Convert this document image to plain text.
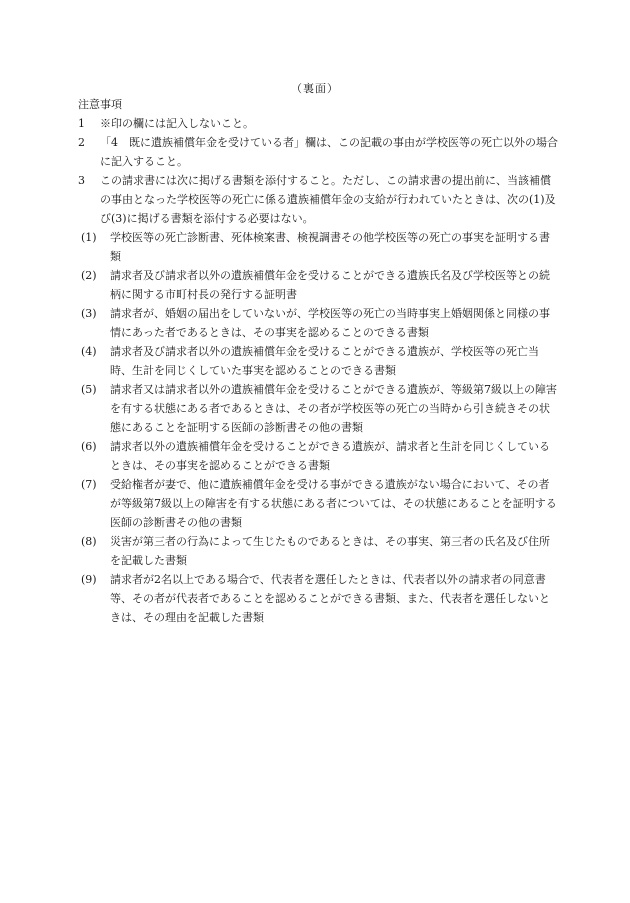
（裏面）

注意事項

1	※印の欄には記入しないこと。
2	「4　既に遺族補償年金を受けている者」欄は、この記載の事由が学校医等の死亡以外の場合に記入すること。
3	この請求書には次に掲げる書類を添付すること。ただし、この請求書の提出前に、当該補償の事由となった学校医等の死亡に係る遺族補償年金の支給が行われていたときは、次の(1)及び(3)に掲げる書類を添付する必要はない。
(1)	学校医等の死亡診断書、死体検案書、検視調書その他学校医等の死亡の事実を証明する書類
(2)	請求者及び請求者以外の遺族補償年金を受けることができる遺族氏名及び学校医等との続柄に関する市町村長の発行する証明書
(3)	請求者が、婚姻の届出をしていないが、学校医等の死亡の当時事実上婚姻関係と同様の事情にあった者であるときは、その事実を認めることのできる書類
(4)	請求者及び請求者以外の遺族補償年金を受けることができる遺族が、学校医等の死亡当時、生計を同じくしていた事実を認めることのできる書類
(5)	請求者又は請求者以外の遺族補償年金を受けることができる遺族が、等級第7級以上の障害を有する状態にある者であるときは、その者が学校医等の死亡の当時から引き続きその状態にあることを証明する医師の診断書その他の書類
(6)	請求者以外の遺族補償年金を受けることができる遺族が、請求者と生計を同じくしているときは、その事実を認めることができる書類
(7)	受給権者が妻で、他に遺族補償年金を受ける事ができる遺族がない場合において、その者が等級第7級以上の障害を有する状態にある者については、その状態にあることを証明する医師の診断書その他の書類
(8)	災害が第三者の行為によって生じたものであるときは、その事実、第三者の氏名及び住所を記載した書類
(9)	請求者が2名以上である場合で、代表者を選任したときは、代表者以外の請求者の同意書等、その者が代表者であることを認めることができる書類、また、代表者を選任しないときは、その理由を記載した書類
